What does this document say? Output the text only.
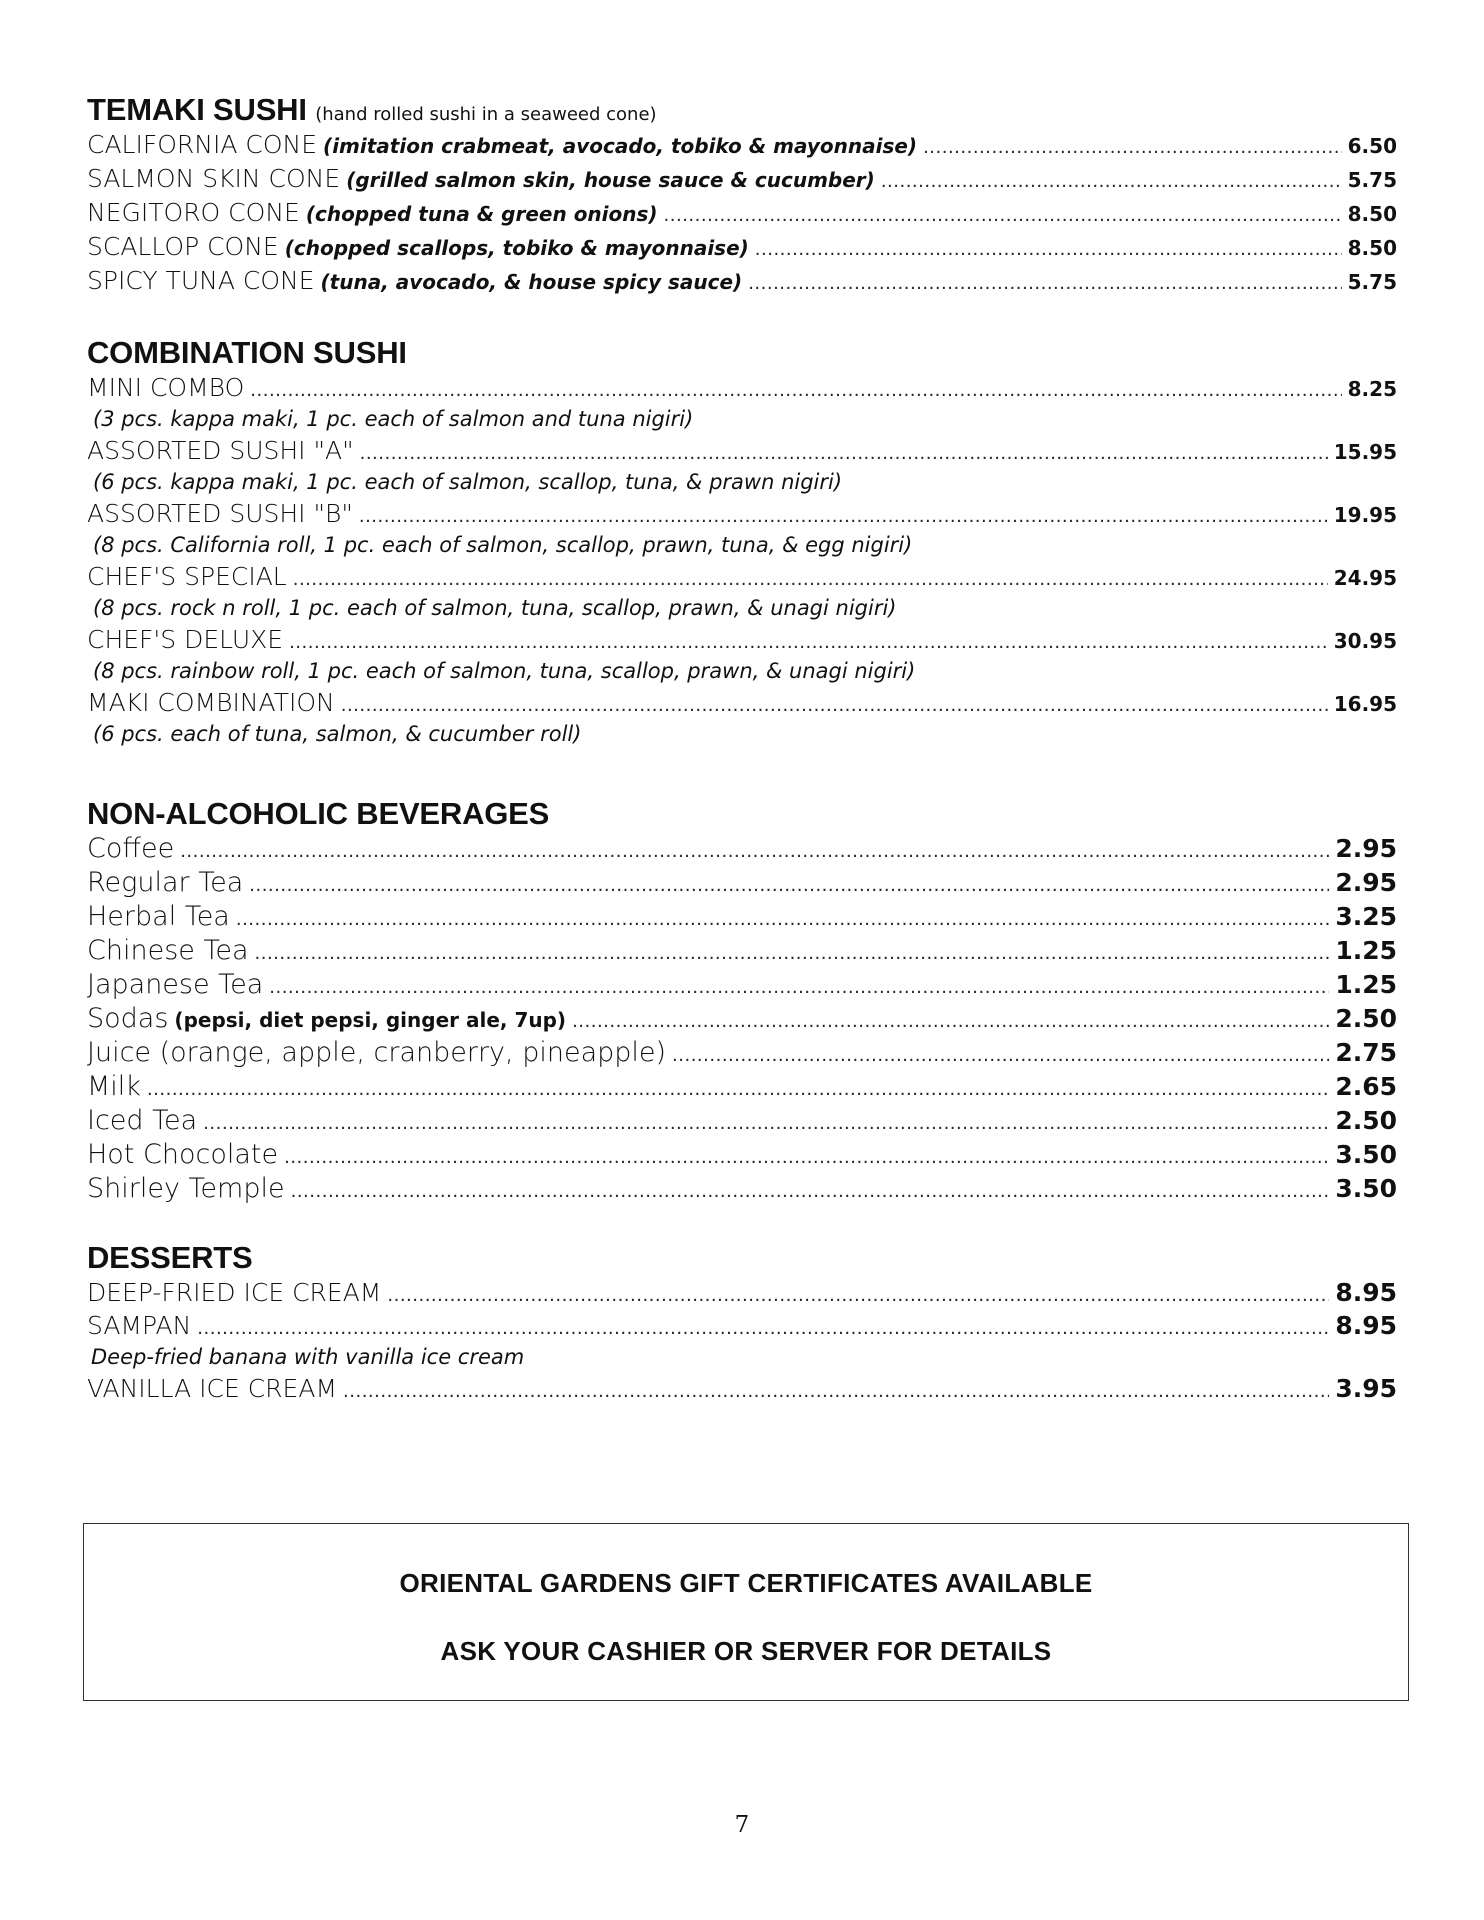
TEMAKI SUSHI (hand rolled sushi in a seaweed cone)
CALIFORNIA CONE (imitation crabmeat, avocado, tobiko & mayonnaise) .....	6.50
SALMON SKIN CONE (grilled salmon skin, house sauce & cucumber) .....	5.75
NEGITORO CONE (chopped tuna & green onions) .....	8.50
SCALLOP CONE (chopped scallops, tobiko & mayonnaise) .....	8.50
SPICY TUNA CONE (tuna, avocado, & house spicy sauce) .....	5.75
COMBINATION SUSHI
MINI COMBO .....	8.25
(3 pcs. kappa maki, 1 pc. each of salmon and tuna nigiri)
ASSORTED SUSHI "A" .....	15.95
(6 pcs. kappa maki, 1 pc. each of salmon, scallop, tuna, & prawn nigiri)
ASSORTED SUSHI "B" .....	19.95
(8 pcs. California roll, 1 pc. each of salmon, scallop, prawn, tuna, & egg nigiri)
CHEF'S SPECIAL .....	24.95
(8 pcs. rock n roll, 1 pc. each of salmon, tuna, scallop, prawn, & unagi nigiri)
CHEF'S DELUXE .....	30.95
(8 pcs. rainbow roll, 1 pc. each of salmon, tuna, scallop, prawn, & unagi nigiri)
MAKI COMBINATION .....	16.95
(6 pcs. each of tuna, salmon, & cucumber roll)
NON-ALCOHOLIC BEVERAGES
Coffee .....	2.95
Regular Tea .....	2.95
Herbal Tea .....	3.25
Chinese Tea .....	1.25
Japanese Tea .....	1.25
Sodas (pepsi, diet pepsi, ginger ale, 7up) .....	2.50
Juice (orange, apple, cranberry, pineapple) .....	2.75
Milk .....	2.65
Iced Tea .....	2.50
Hot Chocolate .....	3.50
Shirley Temple .....	3.50
DESSERTS
DEEP-FRIED ICE CREAM .....	8.95
SAMPAN .....	8.95
Deep-fried banana with vanilla ice cream
VANILLA ICE CREAM .....	3.95
ORIENTAL GARDENS GIFT CERTIFICATES AVAILABLE
ASK YOUR CASHIER OR SERVER FOR DETAILS
7
